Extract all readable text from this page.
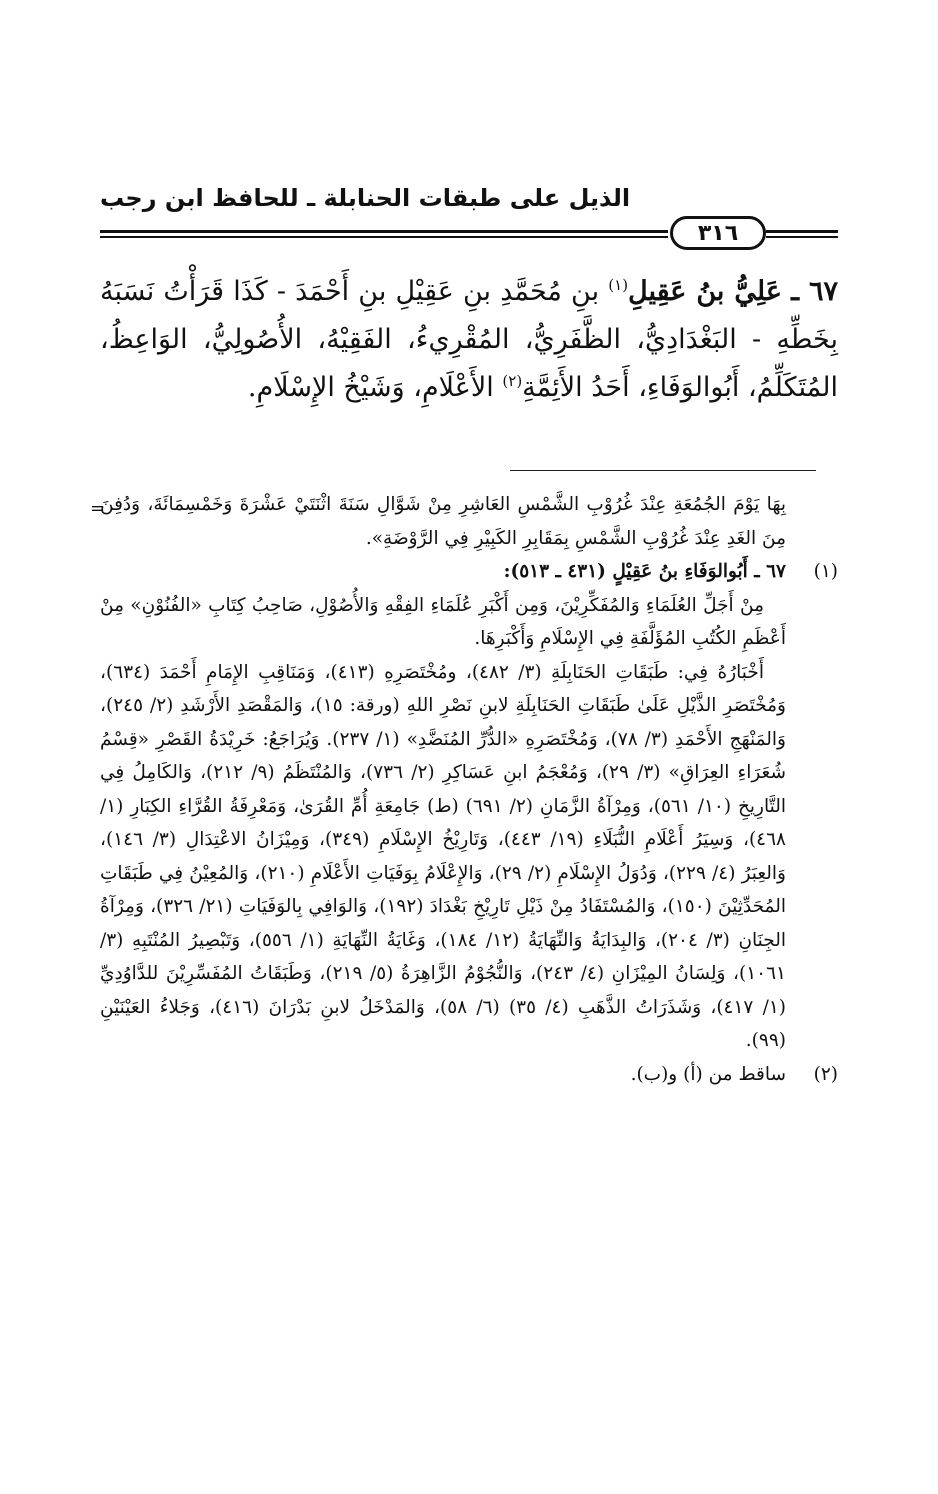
الذيل على طبقات الحنابلة ـ للحافظ ابن رجب
٣١٦
٦٧ ـ عَلِيُّ بنُ عَقِيلِ$^{(١)}$ بنِ مُحَمَّدِ بنِ عَقِيْلِ بنِ أَحْمَدَ - كَذَا قَرَأْتُ نَسَبَهُ بِخَطِّهِ - البَغْدَادِيُّ، الظَّفَرِيُّ، المُقْرِيءُ، الفَقِيْهُ، الأُصُولِيُّ، الوَاعِظُ، المُتَكَلِّمُ، أَبُوالوَفَاءِ، أَحَدُ الأَئِمَّةِ$^{(٢)}$ الأَعْلَامِ، وَشَيْخُ الإِسْلَامِ.
بِهَا يَوْمَ الجُمُعَةِ عِنْدَ غُرُوْبِ الشَّمْسِ العَاشِرِ مِنْ شَوَّالِ سَنَةَ اثْنَتَيْ عَشْرَةَ وَخَمْسِمَائَةَ، وَدُفِنَ مِنَ الغَدِ عِنْدَ غُرُوْبِ الشَّمْسِ بِمَقَابِرِ الكَبِيْرِ فِي الرَّوْضَةِ».
=
(١)
٦٧ ـ أَبُوالوَفَاءِ بنُ عَقِيْلٍ (٤٣١ ـ ٥١٣):

مِنْ أَجَلِّ العُلَمَاءِ وَالمُفَكِّرِيْنَ، وَمِن أَكْبَرِ عُلَمَاءِ الفِقْهِ وَالأُصُوْلِ، صَاحِبُ كِتَابِ «الفُنُوْنِ» مِنْ أَعْظَمِ الكُتُبِ المُؤَلَّفَةِ فِي الإِسْلَامِ وَأَكْبَرِهَا.

أَخْبَارُهُ فِي: طَبَقَاتِ الحَنَابِلَةِ (٣/ ٤٨٢)، ومُخْتَصَرِهِ (٤١٣)، وَمَنَاقِبِ الإِمَامِ أَحْمَدَ (٦٣٤)، وَمُخْتَصَرِ الذَّيْلِ عَلَىٰ طَبَقَاتِ الحَنَابِلَةِ لابنِ نَصْرِ اللهِ (ورقة: ١٥)، وَالمَقْصَدِ الأَرْشَدِ (٢/ ٢٤٥)، وَالمَنْهَجِ الأَحْمَدِ (٣/ ٧٨)، وَمُخْتَصَرِهِ «الدُّرِّ المُنَضَّدِ» (١/ ٢٣٧). وَيُرَاجَعُ: خَرِيْدَةُ القَصْرِ «قِسْمُ شُعَرَاءِ العِرَاقِ» (٣/ ٢٩)، وَمُعْجَمُ ابنِ عَسَاكِرِ (٢/ ٧٣٦)، وَالمُنْتَظَمُ (٩/ ٢١٢)، وَالكَامِلُ فِي التَّارِيخِ (١٠/ ٥٦١)، وَمِرْآةُ الزَّمَانِ (٢/ ٦٩١) (ط) جَامِعَةِ أُمِّ القُرَىٰ، وَمَعْرِفَةُ القُرَّاءِ الكِبَارِ (١/ ٤٦٨)، وَسِيَرُ أَعْلَامِ النُّبَلَاءِ (١٩/ ٤٤٣)، وَتَارِيْخُ الإِسْلَامِ (٣٤٩)، وَمِيْزَانُ الاعْتِدَالِ (٣/ ١٤٦)، وَالعِبَرُ (٤/ ٢٢٩)، وَدُوَلُ الإِسْلَامِ (٢/ ٢٩)، وَالإِعْلَامُ بِوَفَيَاتِ الأَعْلَامِ (٢١٠)، وَالمُعِيْنُ فِي طَبَقَاتِ المُحَدِّثِيْنَ (١٥٠)، وَالمُسْتَفَادُ مِنْ ذَيْلِ تَارِيْخِ بَغْدَادَ (١٩٢)، وَالوَافِي بِالوَفَيَاتِ (٢١/ ٣٢٦)، وَمِرْآةُ الجِنَانِ (٣/ ٢٠٤)، وَالبِدَايَةُ وَالنِّهَايَةُ (١٢/ ١٨٤)، وَغَايَةُ النِّهَايَةِ (١/ ٥٥٦)، وَتَبْصِيرُ المُنْتَبِهِ (٣/ ١٠٦١)، وَلِسَانُ المِيْزَانِ (٤/ ٢٤٣)، وَالنُّجُوْمُ الزَّاهِرَةُ (٥/ ٢١٩)، وَطَبَقَاتُ المُفَسِّرِيْنَ للدَّاوُدِيِّ (١/ ٤١٧)، وَشَذَرَاتُ الذَّهَبِ (٤/ ٣٥) (٦/ ٥٨)، وَالمَدْخَلُ لابنِ بَدْرَانَ (٤١٦)، وَجَلاءُ العَيْنَيْنِ (٩٩).

(٢)
ساقط من (أ) و(ب).
